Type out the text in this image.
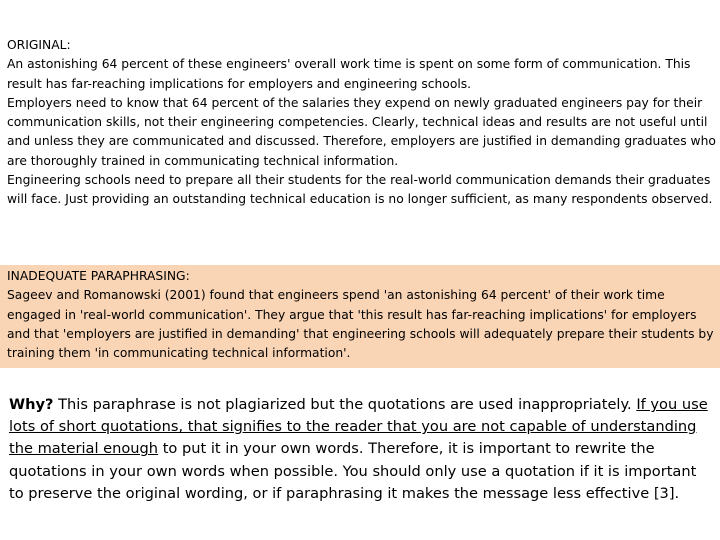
ORIGINAL:

An astonishing 64 percent of these engineers' overall work time is spent on some form of communication. This result has far-reaching implications for employers and engineering schools.

Employers need to know that 64 percent of the salaries they expend on newly graduated engineers pay for their communication skills, not their engineering competencies. Clearly, technical ideas and results are not useful until and unless they are communicated and discussed. Therefore, employers are justified in demanding graduates who are thoroughly trained in communicating technical information.

Engineering schools need to prepare all their students for the real-world communication demands their graduates will face. Just providing an outstanding technical education is no longer sufficient, as many respondents observed.

INADEQUATE PARAPHRASING:

Sageev and Romanowski (2001) found that engineers spend 'an astonishing 64 percent' of their work time engaged in 'real-world communication'. They argue that 'this result has far-reaching implications' for employers and that 'employers are justified in demanding' that engineering schools will adequately prepare their students by training them 'in communicating technical information'.

Why? This paraphrase is not plagiarized but the quotations are used inappropriately. If you use lots of short quotations, that signifies to the reader that you are not capable of understanding the material enough to put it in your own words. Therefore, it is important to rewrite the quotations in your own words when possible. You should only use a quotation if it is important to preserve the original wording, or if paraphrasing it makes the message less effective [3].
